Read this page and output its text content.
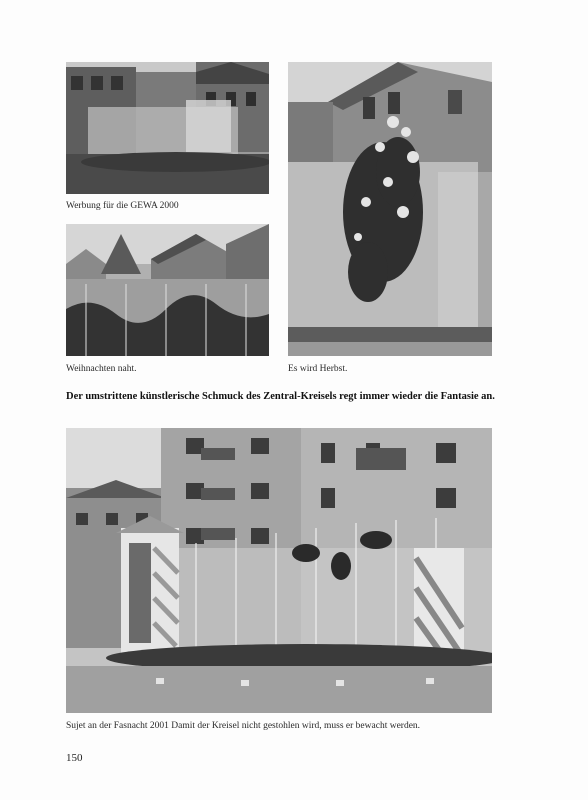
Werbung für die GEWA 2000
Weihnachten naht.	Es wird Herbst.
Der umstrittene künstlerische Schmuck des Zentral-Kreisels regt immer wieder die Fantasie an.
Sujet an der Fasnacht 2001 Damit der Kreisel nicht gestohlen wird, muss er bewacht werden.
150
